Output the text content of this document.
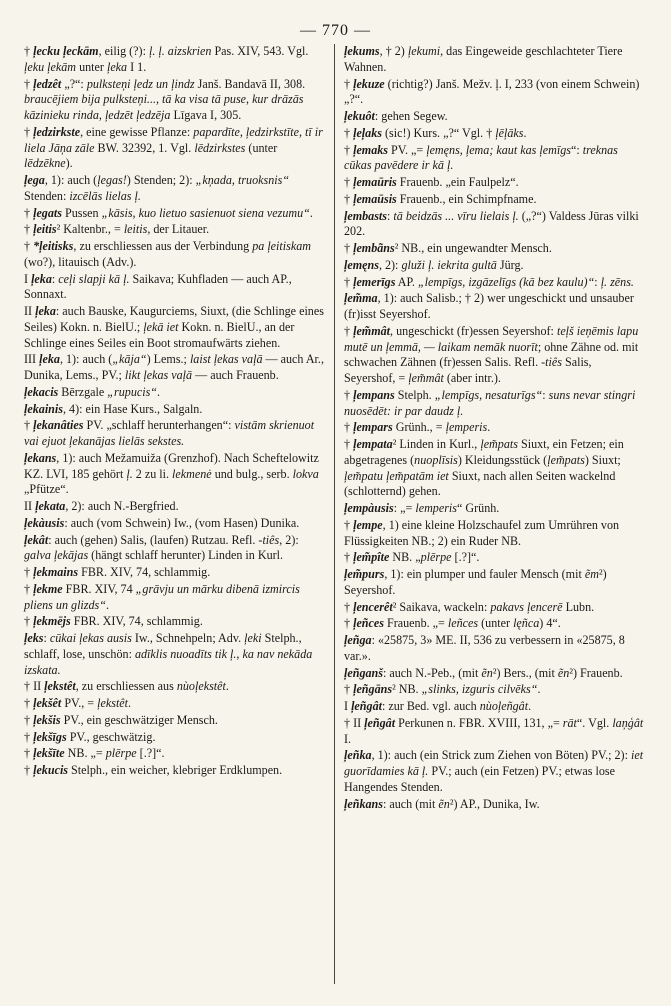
— 770 —

† ļecku ļeckām, eilig (?): ļ. ļ. aizskrien Pas. XIV, 543. Vgl. ļeku ļekām unter ļeka I 1.

† ļedzêt „?“: pulksteņi ļedz un ļindz Janš. Bandavā II, 308. braucējiem bija pulksteņi..., tā ka visa tā puse, kur drāzās kāzinieku rinda, ļedzēt ļedzēja Līgava I, 305.

† ļedzirkste, eine gewisse Pflanze: papardīte, ļedzirkstīte, tī ir liela Jāņa zāle BW. 32392, 1. Vgl. lēdzirkstes (unter lēdzēkne).

ļega, 1): auch (ļegas!) Stenden; 2): „kņada, truoksnis“ Stenden: izcēlās lielas ļ.

† ļegats Pussen „kāsis, kuo lietuo sasienuot siena vezumu“.

† ļeitis² Kaltenbr., = leitis, der Litauer.

† *ļeitisks, zu erschliessen aus der Verbindung pa ļeitiskam (wo?), litauisch (Adv.).

I ļeka: ceļi slapji kā ļ. Saikava; Kuhfladen — auch AP., Sonnaxt.

II ļeka: auch Bauske, Kaugurciems, Siuxt, (die Schlinge eines Seiles) Kokn. n. BielU.; ļekā iet Kokn. n. BielU., an der Schlinge eines Seiles ein Boot stromaufwärts ziehen.

III ļeka, 1): auch („kāja“) Lems.; laist ļekas vaļā — auch Ar., Dunika, Lems., PV.; likt ļekas vaļā — auch Frauenb.

ļekacis Bērzgale „rupucis“.

ļekainis, 4): ein Hase Kurs., Salgaln.

† ļekanâties PV. „schlaff herunterhangen“: vistām skrienuot vai ejuot ļekanājas lielās sekstes.

ļekans, 1): auch Mežamuiža (Grenzhof). Nach Scheftelowitz KZ. LVI, 185 gehört ļ. 2 zu li. lekmenė und bulg., serb. lokva „Pfütze“.

II ļekata, 2): auch N.-Bergfried.

ļekàusis: auch (vom Schwein) Iw., (vom Hasen) Dunika.

ļekât: auch (gehen) Salis, (laufen) Rutzau. Refl. -tiês, 2): galva ļekājas (hängt schlaff herunter) Linden in Kurl.

† ļekmains FBR. XIV, 74, schlammig.

† ļekme FBR. XIV, 74 „grāvju un mārku dibenā izmircis pliens un glizds“.

† ļekmējs FBR. XIV, 74, schlammig.

ļeks: cūkai ļekas ausis Iw., Schnehpeln; Adv. ļeki Stelph., schlaff, lose, unschön: adīklis nuoadīts tik ļ., ka nav nekāda izskata.

† II ļekstêt, zu erschliessen aus nùoļekstêt.

† ļekšêt PV., = ļekstêt.

† ļekšis PV., ein geschwätziger Mensch.

† ļekšīgs PV., geschwätzig.

† ļekšīte NB. „= plērpe [.?]“.

† ļekucis Stelph., ein weicher, klebriger Erdklumpen.

ļekums, † 2) ļekumi, das Eingeweide geschlachteter Tiere Wahnen.

† ļekuze (richtig?) Janš. Mežv. ļ. I, 233 (von einem Schwein) „?“.

ļekuôt: gehen Segew.

† ļeļaks (sic!) Kurs. „?“ Vgl. † ļēļāks.

† ļemaks PV. „= ļemęns, ļema; kaut kas ļemīgs“: treknas cūkas pavēdere ir kā ļ.

† ļemaūris Frauenb. „ein Faulpelz“.

† ļemaūsis Frauenb., ein Schimpfname.

ļembasts: tā beidzās ... vīru lielais ļ. („?“) Valdess Jūras vilki 202.

† ļembãns² NB., ein ungewandter Mensch.

ļemęns, 2): gluži ļ. iekrita gultā Jürg.

† ļemerīgs AP. „lempīgs, izgāzelīgs (kā bez kaulu)“: ļ. zēns.

ļem̃ma, 1): auch Salisb.; † 2) wer ungeschickt und unsauber (fr)isst Seyershof.

† ļem̃mât, ungeschickt (fr)essen Seyershof: teļš ieņēmis lapu mutē un ļemmā, — laikam nemāk nuorīt; ohne Zähne od. mit schwachen Zähnen (fr)essen Salis. Refl. -tiês Salis, Seyershof, = ļem̃mât (aber intr.).

† ļempans Stelph. „lempīgs, nesaturīgs“: suns nevar stingri nuosēdēt: ir par daudz ļ.

† ļempars Grünh., = ļemperis.

† ļempata² Linden in Kurl., ļem̃pats Siuxt, ein Fetzen; ein abgetragenes (nuoplīsis) Kleidungsstück (ļem̃pats) Siuxt; ļem̃patu ļem̃patām iet Siuxt, nach allen Seiten wackelnd (schlotternd) gehen.

ļempàusis: „= lemperis“ Grünh.

† ļempe, 1) eine kleine Holzschaufel zum Umrühren von Flüssigkeiten NB.; 2) ein Ruder NB.

† ļem̃pîte NB. „plērpe [.?]“.

ļem̃purs, 1): ein plumper und fauler Mensch (mit ẽm²) Seyershof.

† ļencerêt² Saikava, wackeln: pakavs ļencerē Lubn.

† ļeñces Frauenb. „= leñces (unter lęñca) 4“.

ļeñga: «25875, 3» ME. II, 536 zu verbessern in «25875, 8 var.».

ļeñganš: auch N.-Peb., (mit ẽn²) Bers., (mit ẽn²) Frauenb.

† ļeñgāns² NB. „slinks, izguris cilvēks“.

I ļeñgât: zur Bed. vgl. auch nùoļeñgât.

† II ļeñgât Perkunen n. FBR. XVIII, 131, „= rāt“. Vgl. laņģât I.

ļeñka, 1): auch (ein Strick zum Ziehen von Böten) PV.; 2): iet guorīdamies kā ļ. PV.; auch (ein Fetzen) PV.; etwas lose Hangendes Stenden.

ļeñkans: auch (mit ẽn²) AP., Dunika, Iw.
